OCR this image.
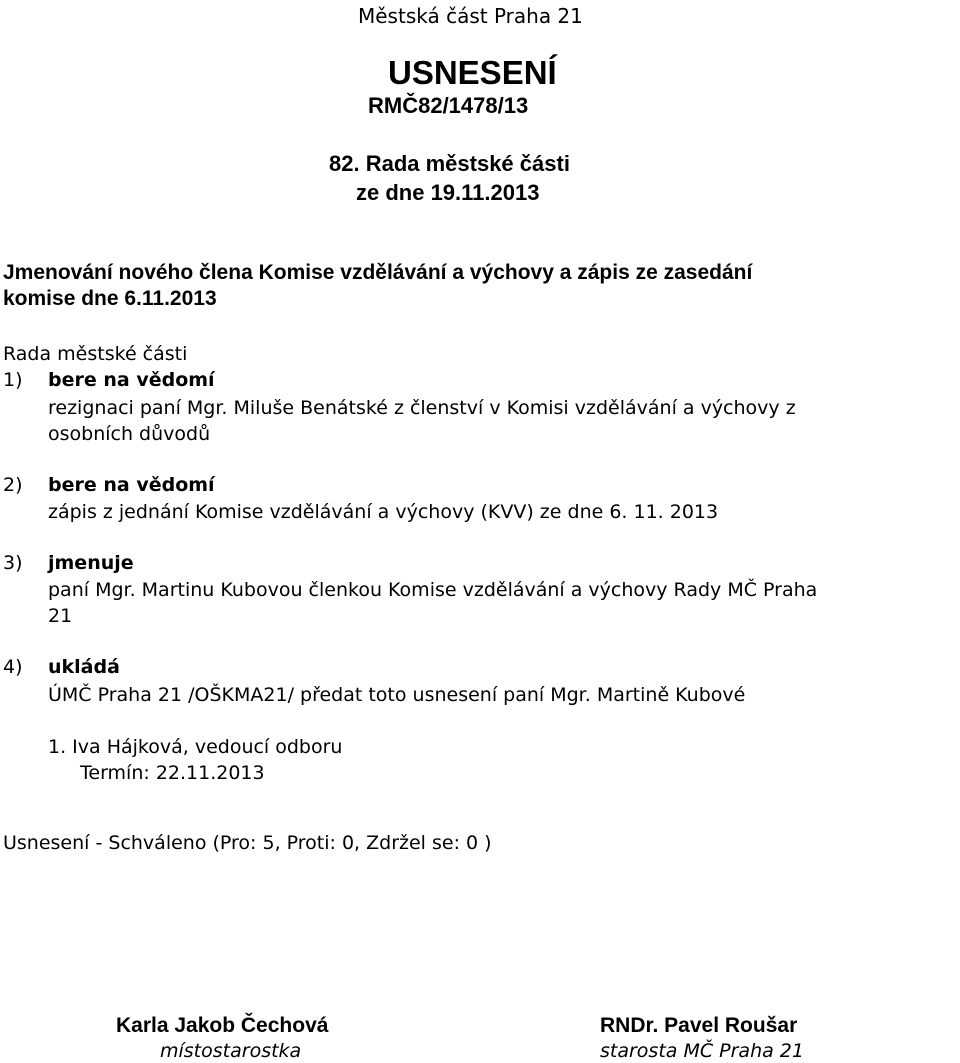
Městská část Praha 21
USNESENÍ
RMČ82/1478/13
82. Rada městské části
ze dne 19.11.2013
Jmenování nového člena Komise vzdělávání a výchovy a zápis ze zasedání
komise dne 6.11.2013
Rada městské části
1) bere na vědomí
rezignaci paní Mgr. Miluše Benátské z členství v Komisi vzdělávání a výchovy z
osobních důvodů
2) bere na vědomí
zápis z jednání Komise vzdělávání a výchovy (KVV) ze dne 6. 11. 2013
3) jmenuje
paní Mgr. Martinu Kubovou členkou Komise vzdělávání a výchovy Rady MČ Praha
21
4) ukládá
ÚMČ Praha 21 /OŠKMA21/ předat toto usnesení paní Mgr. Martině Kubové
1. Iva Hájková, vedoucí odboru
Termín: 22.11.2013
Usnesení - Schváleno (Pro: 5, Proti: 0, Zdržel se: 0 )
Karla Jakob Čechová
místostarostka
RNDr. Pavel Roušar
starosta MČ Praha 21
